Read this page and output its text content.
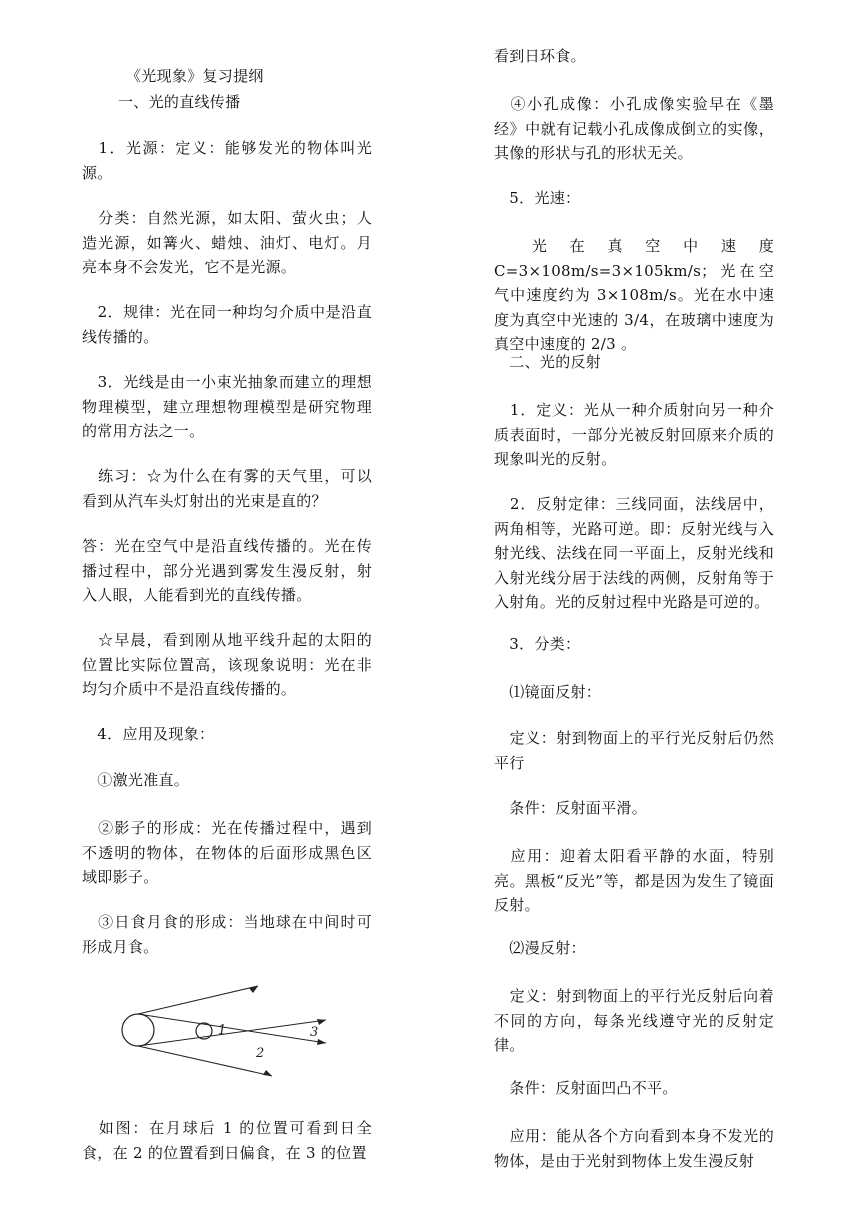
《光现象》复习提纲

一、光的直线传播

　1．光源：定义：能够发光的物体叫光源。

　分类：自然光源，如太阳、萤火虫；人造光源，如篝火、蜡烛、油灯、电灯。月亮本身不会发光，它不是光源。

　2．规律：光在同一种均匀介质中是沿直线传播的。

　3．光线是由一小束光抽象而建立的理想物理模型，建立理想物理模型是研究物理的常用方法之一。

　练习：☆为什么在有雾的天气里，可以看到从汽车头灯射出的光束是直的？

答：光在空气中是沿直线传播的。光在传播过程中，部分光遇到雾发生漫反射，射入人眼，人能看到光的直线传播。

　☆早晨，看到刚从地平线升起的太阳的位置比实际位置高，该现象说明：光在非均匀介质中不是沿直线传播的。

　4．应用及现象：

　①激光准直。

　②影子的形成：光在传播过程中，遇到不透明的物体，在物体的后面形成黑色区域即影子。

　③日食月食的形成：当地球在中间时可形成月食。

1
2
3

　如图：在月球后 1 的位置可看到日全食，在 2 的位置看到日偏食，在 3 的位置

看到日环食。

　④小孔成像：小孔成像实验早在《墨经》中就有记载小孔成像成倒立的实像，其像的形状与孔的形状无关。

　5．光速：

　光在真空中速度 C=3×108m/s=3×105km/s；光在空气中速度约为 3×108m/s。光在水中速度为真空中光速的 3/4，在玻璃中速度为真空中速度的 2/3 。

　二、光的反射

　1．定义：光从一种介质射向另一种介质表面时，一部分光被反射回原来介质的现象叫光的反射。

　2．反射定律：三线同面，法线居中，两角相等，光路可逆。即：反射光线与入射光线、法线在同一平面上，反射光线和入射光线分居于法线的两侧，反射角等于入射角。光的反射过程中光路是可逆的。

　3．分类：

　⑴镜面反射：

　定义：射到物面上的平行光反射后仍然平行

　条件：反射面平滑。

　应用：迎着太阳看平静的水面，特别亮。黑板“反光”等，都是因为发生了镜面反射。

　⑵漫反射：

　定义：射到物面上的平行光反射后向着不同的方向，每条光线遵守光的反射定律。

　条件：反射面凹凸不平。

　应用：能从各个方向看到本身不发光的物体，是由于光射到物体上发生漫反射
